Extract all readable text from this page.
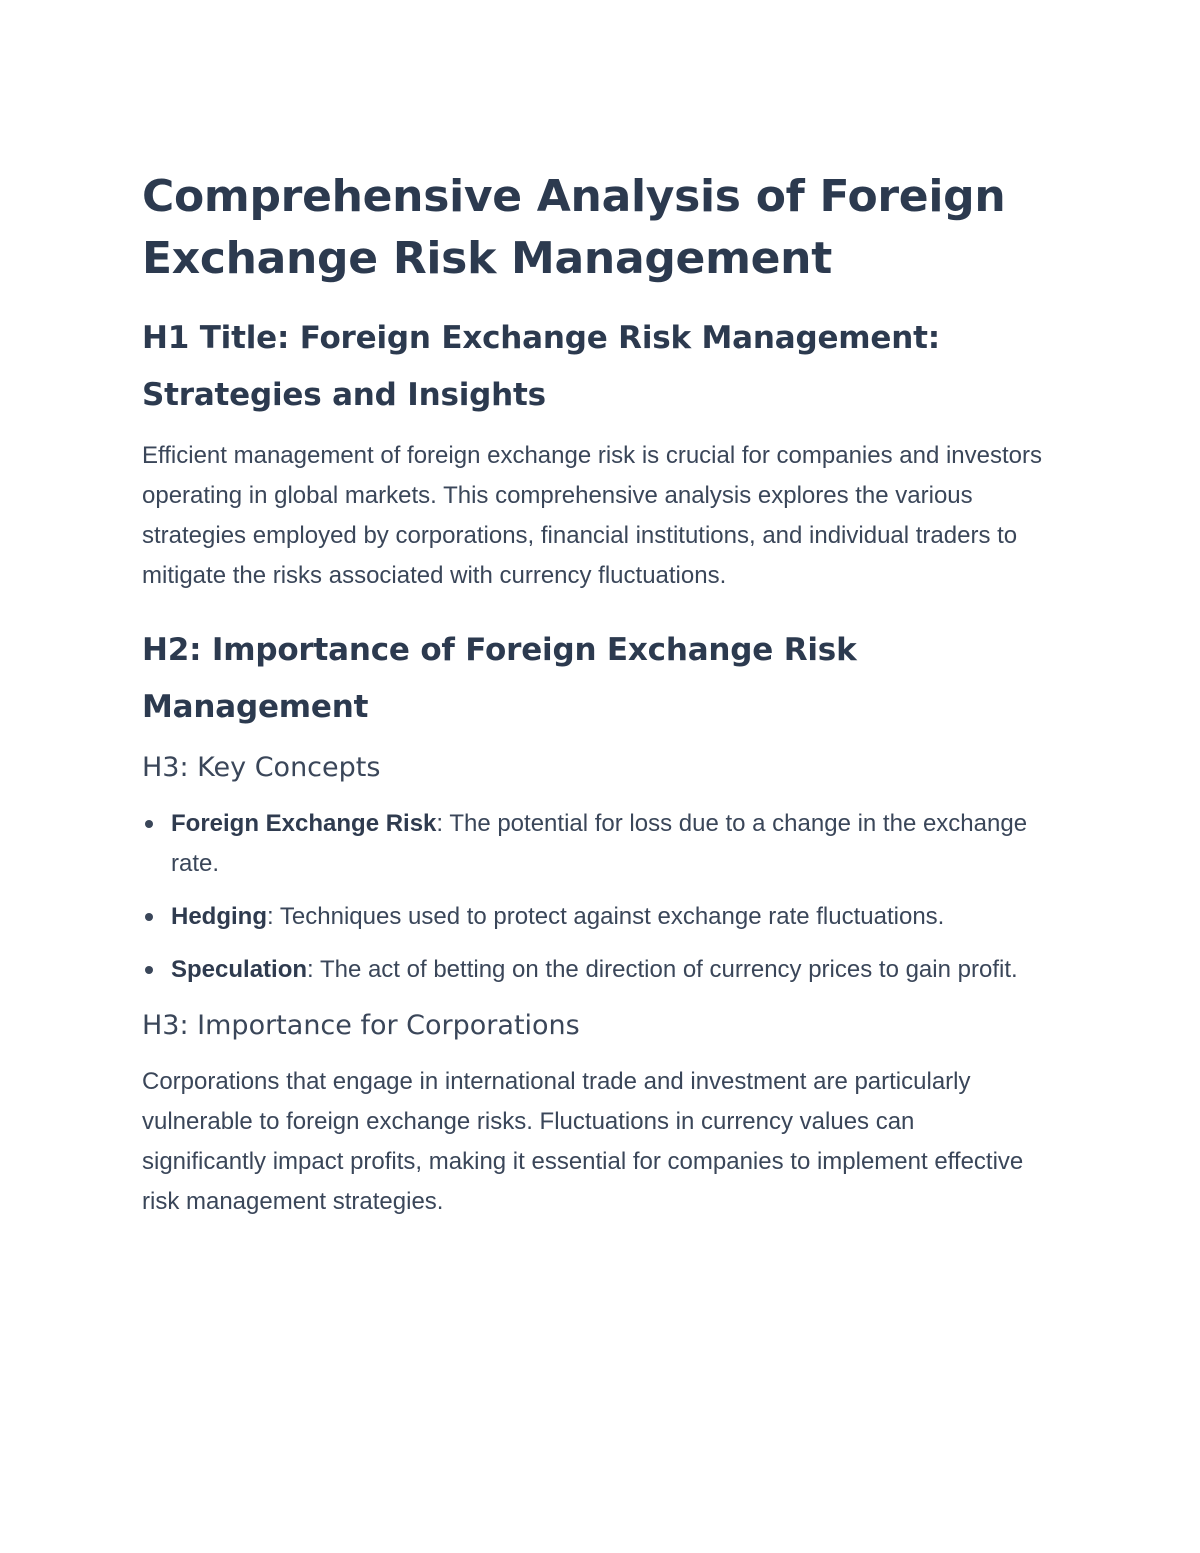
Comprehensive Analysis of Foreign Exchange Risk Management
H1 Title: Foreign Exchange Risk Management: Strategies and Insights

Efficient management of foreign exchange risk is crucial for companies and investors operating in global markets. This comprehensive analysis explores the various strategies employed by corporations, financial institutions, and individual traders to mitigate the risks associated with currency fluctuations.

H2: Importance of Foreign Exchange Risk Management
H3: Key Concepts
Foreign Exchange Risk: The potential for loss due to a change in the exchange rate.
Hedging: Techniques used to protect against exchange rate fluctuations.
Speculation: The act of betting on the direction of currency prices to gain profit.
H3: Importance for Corporations

Corporations that engage in international trade and investment are particularly vulnerable to foreign exchange risks. Fluctuations in currency values can significantly impact profits, making it essential for companies to implement effective risk management strategies.
